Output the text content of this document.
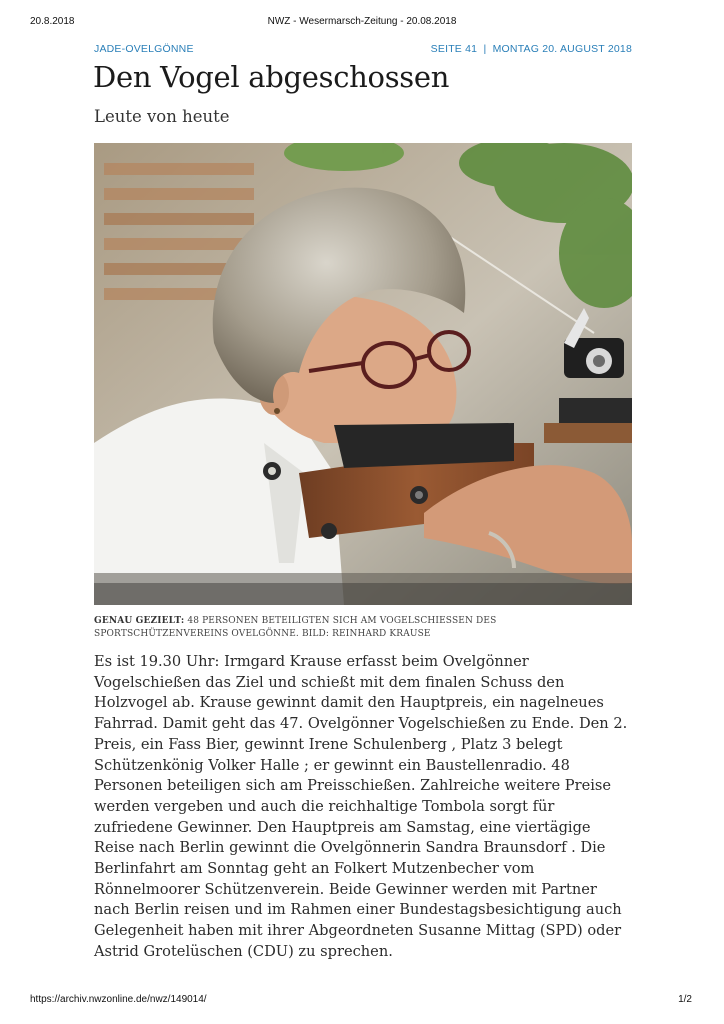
20.8.2018	NWZ - Wesermarsch-Zeitung - 20.08.2018
JADE-OVELGÖNNE	SEITE 41  |  MONTAG 20. AUGUST 2018
Den Vogel abgeschossen
Leute von heute
GENAU GEZIELT: 48 PERSONEN BETEILIGTEN SICH AM VOGELSCHIESSEN DES SPORTSCHÜTZENVEREINS OVELGÖNNE. BILD: REINHARD KRAUSE

Es ist 19.30 Uhr: Irmgard Krause erfasst beim Ovelgönner Vogelschießen das Ziel und schießt mit dem finalen Schuss den Holzvogel ab. Krause gewinnt damit den Hauptpreis, ein nagelneues Fahrrad. Damit geht das 47. Ovelgönner Vogelschießen zu Ende. Den 2. Preis, ein Fass Bier, gewinnt Irene Schulenberg , Platz 3 belegt Schützenkönig Volker Halle ; er gewinnt ein Baustellenradio. 48 Personen beteiligen sich am Preisschießen. Zahlreiche weitere Preise werden vergeben und auch die reichhaltige Tombola sorgt für zufriedene Gewinner. Den Hauptpreis am Samstag, eine viertägige Reise nach Berlin gewinnt die Ovelgönnerin Sandra Braunsdorf . Die Berlinfahrt am Sonntag geht an Folkert Mutzenbecher vom Rönnelmoorer Schützenverein. Beide Gewinner werden mit Partner nach Berlin reisen und im Rahmen einer Bundestagsbesichtigung auch Gelegenheit haben mit ihrer Abgeordneten Susanne Mittag (SPD) oder Astrid Grotelüschen (CDU) zu sprechen.

https://archiv.nwzonline.de/nwz/149014/	1/2
